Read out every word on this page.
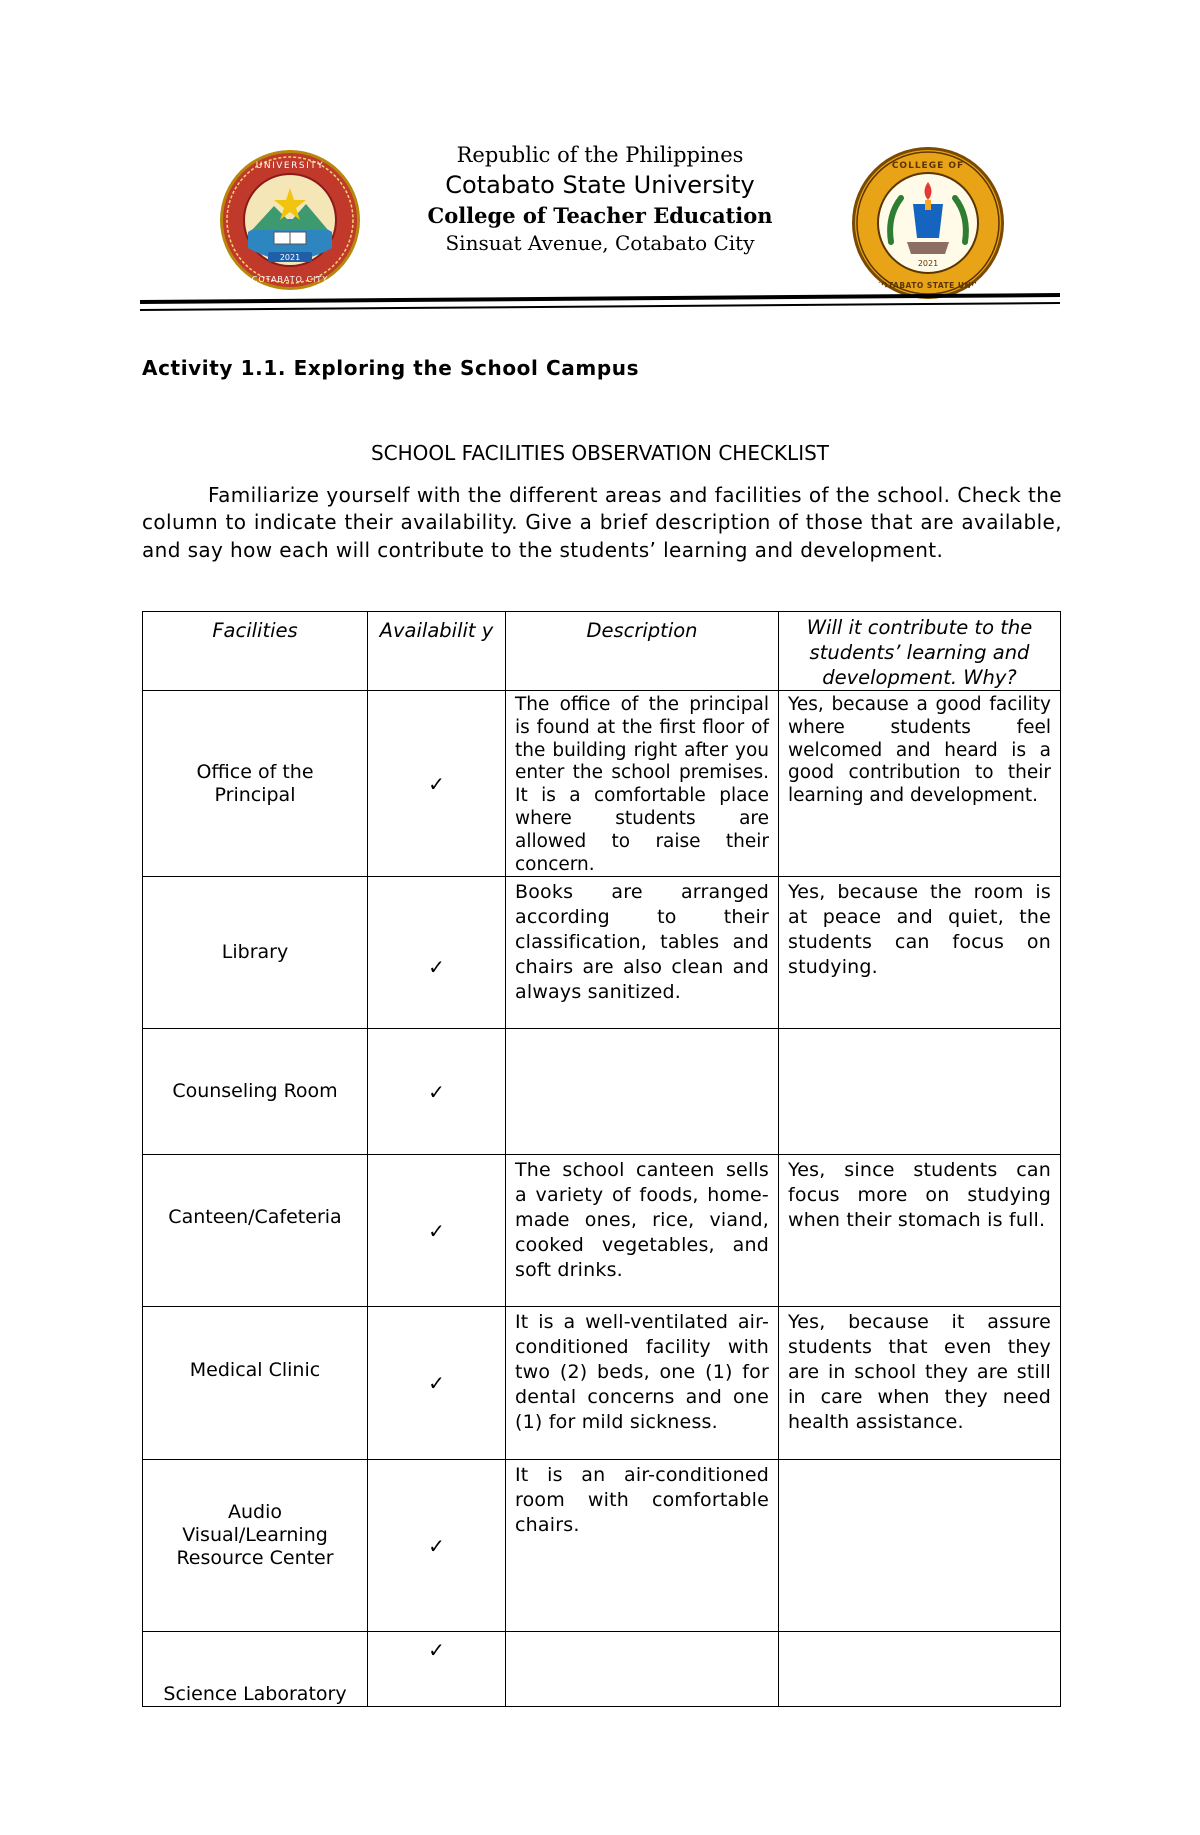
2021
UNIVERSITY
COTABATO CITY
2021
COLLEGE OF
COTABATO STATE UNIV
Republic of the Philippines
Cotabato State University
College of Teacher Education
Sinsuat Avenue, Cotabato City
Activity 1.1. Exploring the School Campus
SCHOOL FACILITIES OBSERVATION CHECKLIST
Familiarize yourself with the different areas and facilities of the school. Check the column to indicate their availability. Give a brief description of those that are available, and say how each will contribute to the students’ learning and development.
Facilities	Availabilit y	Description	Will it contribute to the students’ learning and development. Why?
Office of the Principal	✓	The office of the principal is found at the first floor of the building right after you enter the school premises. It is a comfortable place where students are allowed to raise their concern.	Yes, because a good facility where students feel welcomed and heard is a good contribution to their learning and development.
Library	✓	Books are arranged according to their classification, tables and chairs are also clean and always sanitized.	Yes, because the room is at peace and quiet, the students can focus on studying.
Counseling Room	✓		
Canteen/Cafeteria	✓	The school canteen sells a variety of foods, home-made ones, rice, viand, cooked vegetables, and soft drinks.	Yes, since students can focus more on studying when their stomach is full.
Medical Clinic	✓	It is a well-ventilated air-conditioned facility with two (2) beds, one (1) for dental concerns and one (1) for mild sickness.	Yes, because it assure students that even they are in school they are still in care when they need health assistance.
Audio Visual/Learning Resource Center	✓	It is an air-conditioned room with comfortable chairs.	
Science Laboratory	✓		
